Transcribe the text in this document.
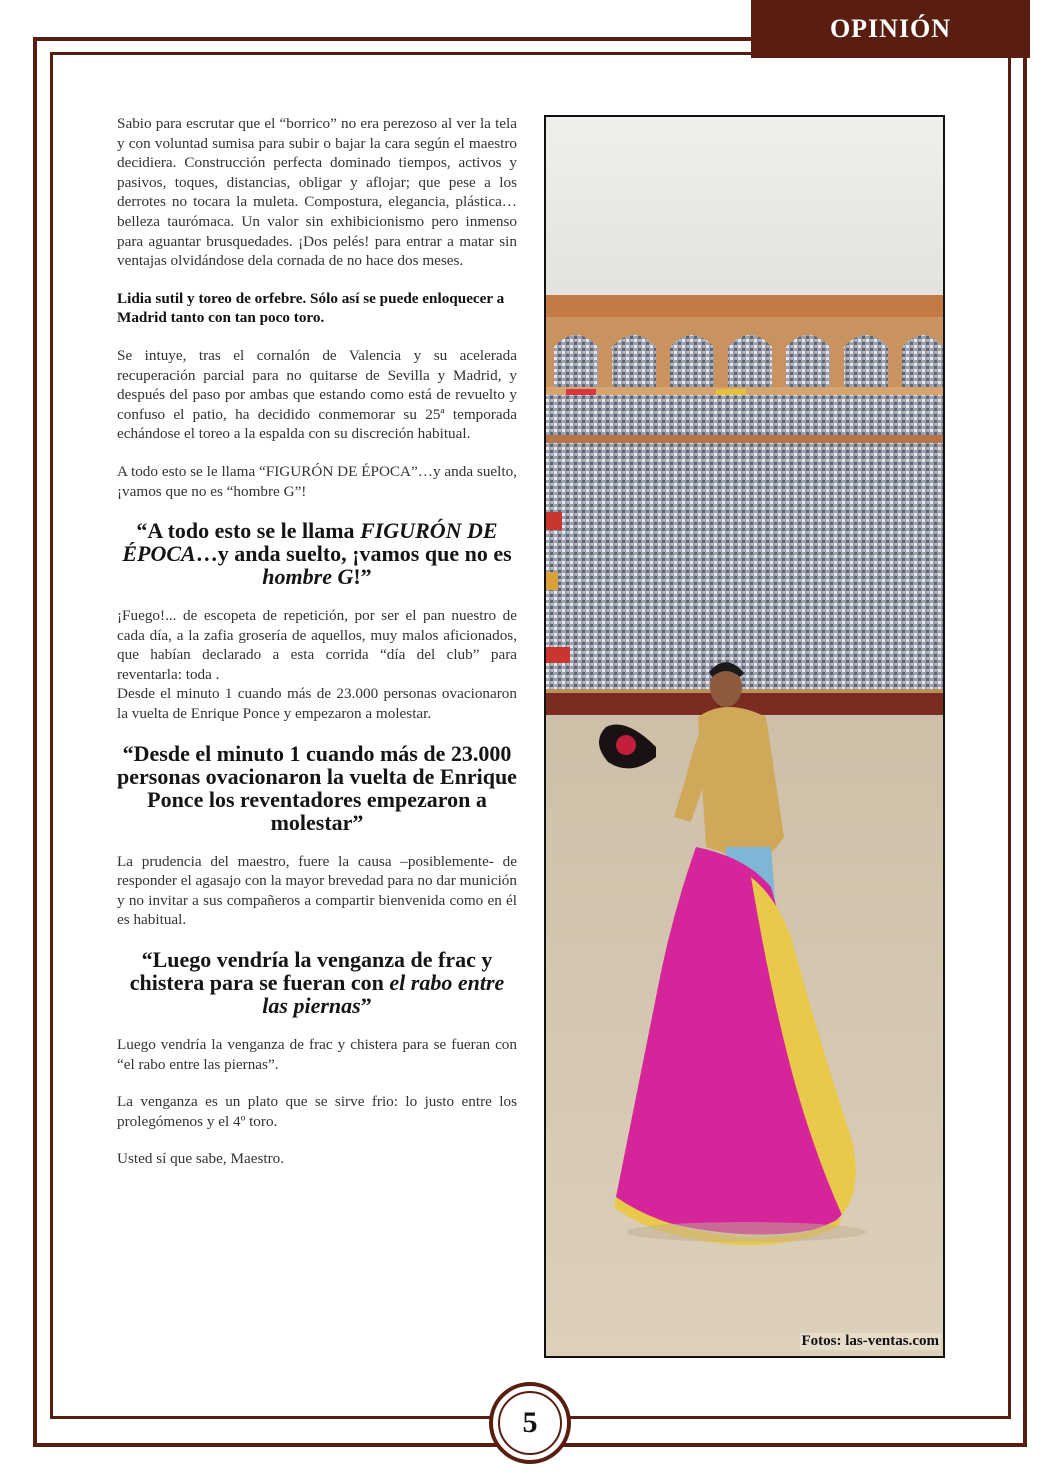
OPINIÓN

Sabio para escrutar que el “borrico” no era perezoso al ver la tela y con voluntad sumisa para subir o bajar la cara según el maestro decidiera. Construcción perfecta dominado tiempos, activos y pasivos, toques, distancias, obligar y aflojar; que pese a los derrotes no tocara la muleta. Compostura, elegancia, plástica…belleza taurómaca. Un valor sin exhibicionismo pero inmenso para aguantar brusquedades. ¡Dos pelés! para entrar a matar sin ventajas olvidándose dela cornada de no hace dos meses.

Lidia sutil y toreo de orfebre. Sólo así se puede enloquecer a Madrid tanto con tan poco toro.

Se intuye, tras el cornalón de Valencia y su acelerada recuperación parcial para no quitarse de Sevilla y Madrid, y después del paso por ambas que estando como está de revuelto y confuso el patio, ha decidido conmemorar su 25ª temporada echándose el toreo a la espalda con su discreción habitual.

A todo esto se le llama “FIGURÓN DE ÉPOCA”…y anda suelto, ¡vamos que no es “hombre G”!

“A todo esto se le llama FIGURÓN DE ÉPOCA…y anda suelto, ¡vamos que no es hombre G!”

¡Fuego!... de escopeta de repetición, por ser el pan nuestro de cada día, a la zafia grosería de aquellos, muy malos aficionados, que habían declarado a esta corrida “día del club” para reventarla: toda .

Desde el minuto 1 cuando más de 23.000 personas ovacionaron la vuelta de Enrique Ponce y empezaron a molestar.

“Desde el minuto 1 cuando más de 23.000 personas ovacionaron la vuelta de Enrique Ponce los reventadores empezaron a molestar”

La prudencia del maestro, fuere la causa –posiblemente- de responder el agasajo con la mayor brevedad para no dar munición y no invitar a sus compañeros a compartir bienvenida como en él es habitual.

“Luego vendría la venganza de frac y chistera para se fueran con el rabo entre las piernas”

Luego vendría la venganza de frac y chistera para se fueran con “el rabo entre las piernas”.

La venganza es un plato que se sirve frio: lo justo entre los prolegómenos y el 4º toro.

Usted sí que sabe, Maestro.

Fotos: las-ventas.com
5
